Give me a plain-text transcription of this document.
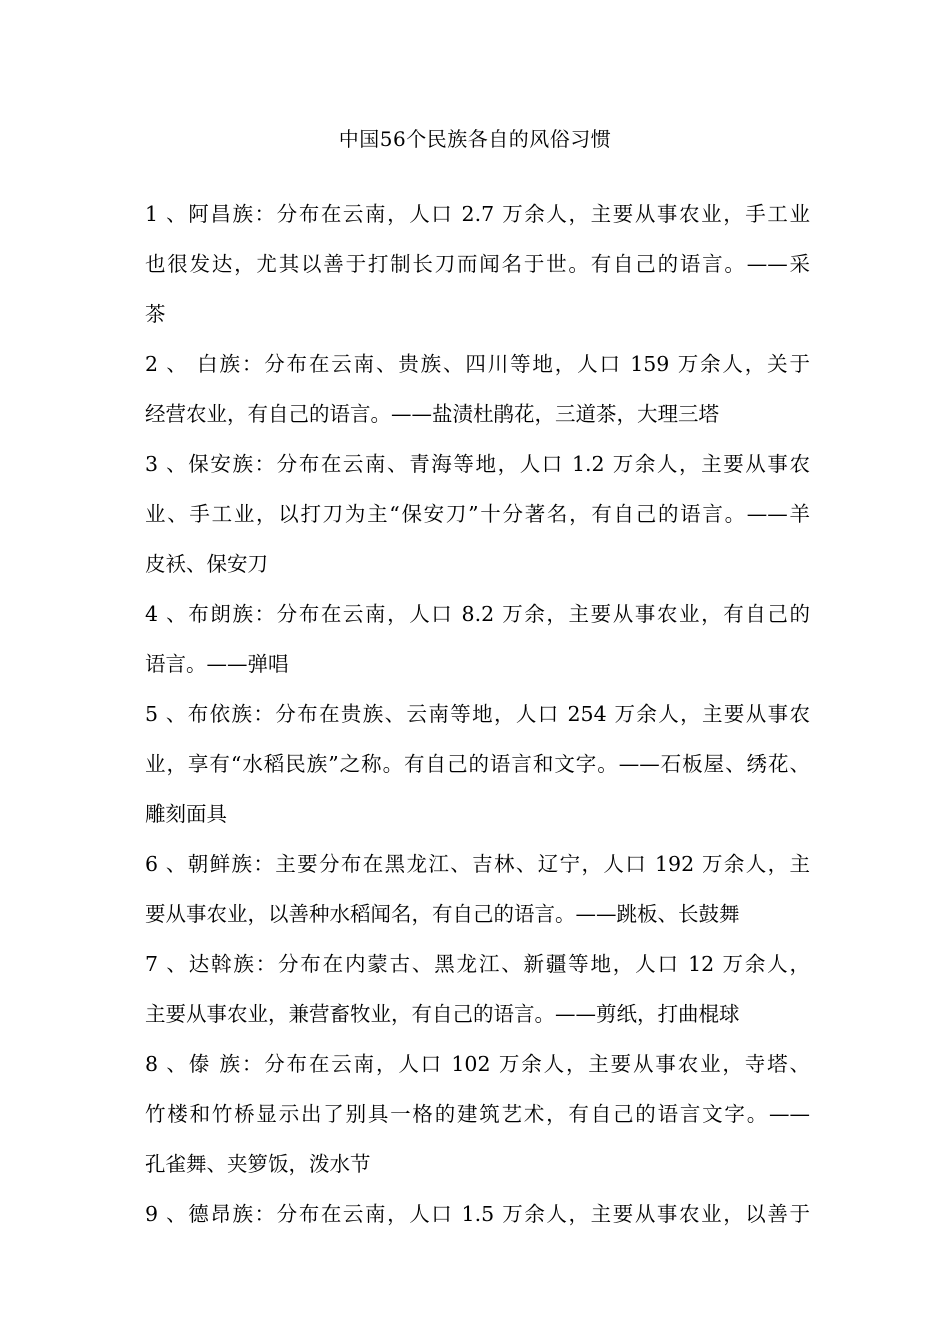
中国56个民族各自的风俗习惯
1 、阿昌族：分布在云南，人口 2.7 万余人，主要从事农业，手工业
也很发达，尤其以善于打制长刀而闻名于世。有自己的语言。——采
茶
2 、 白族：分布在云南、贵族、四川等地，人口 159 万余人，关于
经营农业，有自己的语言。——盐渍杜鹃花，三道茶，大理三塔
3 、保安族：分布在云南、青海等地，人口 1.2 万余人，主要从事农
业、手工业，以打刀为主“保安刀”十分著名，有自己的语言。——羊
皮袄、保安刀
4 、布朗族：分布在云南，人口 8.2 万余，主要从事农业，有自己的
语言。——弹唱
5 、布依族：分布在贵族、云南等地，人口 254 万余人，主要从事农
业，享有“水稻民族”之称。有自己的语言和文字。——石板屋、绣花、
雕刻面具
6 、朝鲜族：主要分布在黑龙江、吉林、辽宁，人口 192 万余人，主
要从事农业，以善种水稻闻名，有自己的语言。——跳板、长鼓舞
7 、达斡族：分布在内蒙古、黑龙江、新疆等地，人口 12 万余人，
主要从事农业，兼营畜牧业，有自己的语言。——剪纸，打曲棍球
8 、傣 族：分布在云南，人口 102 万余人，主要从事农业，寺塔、
竹楼和竹桥显示出了别具一格的建筑艺术，有自己的语言文字。——
孔雀舞、夹箩饭，泼水节
9 、德昂族：分布在云南，人口 1.5 万余人，主要从事农业，以善于
